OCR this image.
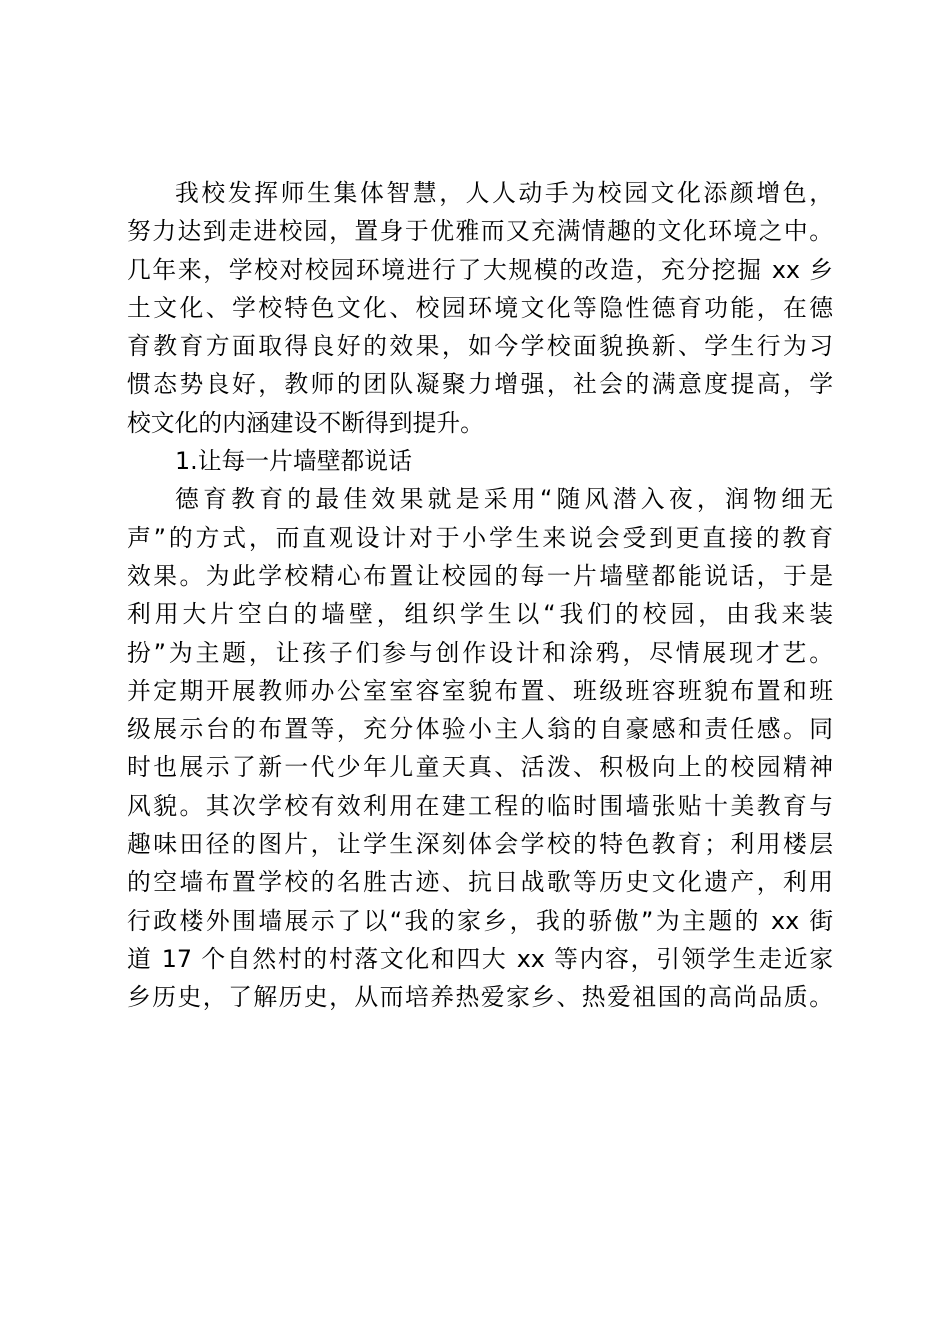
我校发挥师生集体智慧，人人动手为校园文化添颜增色，
努力达到走进校园，置身于优雅而又充满情趣的文化环境之中。
几年来，学校对校园环境进行了大规模的改造，充分挖掘 xx 乡
土文化、学校特色文化、校园环境文化等隐性德育功能，在德
育教育方面取得良好的效果，如今学校面貌换新、学生行为习
惯态势良好，教师的团队凝聚力增强，社会的满意度提高，学
校文化的内涵建设不断得到提升。
1.让每一片墙壁都说话
德育教育的最佳效果就是采用“随风潜入夜，润物细无
声”的方式，而直观设计对于小学生来说会受到更直接的教育
效果。为此学校精心布置让校园的每一片墙壁都能说话，于是
利用大片空白的墙壁，组织学生以“我们的校园，由我来装
扮”为主题，让孩子们参与创作设计和涂鸦，尽情展现才艺。
并定期开展教师办公室室容室貌布置、班级班容班貌布置和班
级展示台的布置等，充分体验小主人翁的自豪感和责任感。同
时也展示了新一代少年儿童天真、活泼、积极向上的校园精神
风貌。其次学校有效利用在建工程的临时围墙张贴十美教育与
趣味田径的图片，让学生深刻体会学校的特色教育；利用楼层
的空墙布置学校的名胜古迹、抗日战歌等历史文化遗产，利用
行政楼外围墙展示了以“我的家乡，我的骄傲”为主题的 xx 街
道 17 个自然村的村落文化和四大 xx 等内容，引领学生走近家
乡历史，了解历史，从而培养热爱家乡、热爱祖国的高尚品质。
